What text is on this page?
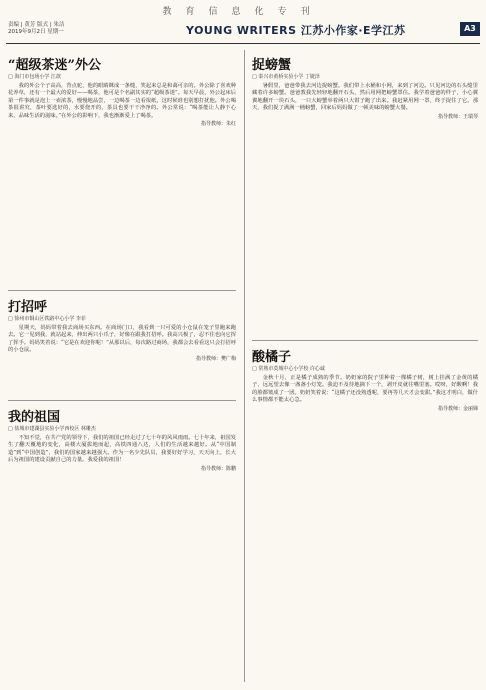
教育信息化专刊
责编 | 黄芳 版式 | 朱洁
2019年9月2日 星期一	YOUNG WRITERS 江苏小作家·E学江苏	A3
“超级茶迷”外公
□ 海门市包场小学 江歆

我的外公个子高高，背点驼，他的眼睛眯成一条缝，笑起来总是和蔼可亲的。外公除了喜欢种花养草，还有一个最大的爱好——喝茶，他可是个名副其实的“超级茶迷”。每天早晨，外公起床后第一件事就是泡上一壶浓茶，慢慢地品尝，一边喝茶一边看报纸，这时候谁也别想打扰他。外公喝茶很讲究，茶叶要选好的，水要烧开的，茶具也要干干净净的。外公常说：“喝茶能让人静下心来，品味生活的滋味。”在外公的影响下，我也渐渐爱上了喝茶。

指导教师：朱红
打招呼
□ 徐州市铜山区铁路中心小学 李菲

星期天，妈妈带着我去商场买东西。在商场门口，我看到一只可爱的小仓鼠在笼子里跑来跑去。它一见到我，就站起来，伸出两只小爪子，好像在跟我打招呼。我高兴极了，忍不住也向它挥了挥手。妈妈笑着说：“它是在欢迎你呢！”从那以后，每次路过商场，我都会去看看这只会打招呼的小仓鼠。

指导教师：樊广梅
我的祖国
□ 盐城市建湖县实验小学西校区 林雕杰

不知不觉，在共产党的领导下，我们的祖国已经走过了七十年的风风雨雨。七十年来，祖国发生了翻天覆地的变化，高楼大厦拔地而起，高铁四通八达，人们的生活越来越好。从“中国制造”到“中国创造”，我们的国家越来越强大。作为一名少先队员，我要好好学习，天天向上，长大后为祖国的建设贡献自己的力量。我爱我的祖国！

指导教师：陈鹏
捉螃蟹
□ 泰兴市黄桥实验小学 丁婕泽

暑假里，爸爸带我去河边捉螃蟹。我们带上水桶和小网，来到了河边。只见河边的石头缝里藏着许多螃蟹。爸爸教我先轻轻地翻开石头，然后用网把螃蟹罩住。我学着爸爸的样子，小心翼翼地翻开一块石头，一只大螃蟹举着两只大钳子跑了出来。我赶紧用网一罩，终于捉住了它。那天，我们捉了满满一桶螃蟹，回家后妈妈做了一顿美味的螃蟹大餐。

指导教师：王瑞琴
酸橘子
□ 常熟市莫城中心小学校 许心诚

金秋十月，正是橘子成熟的季节。奶奶家的院子里种着一棵橘子树，树上挂满了金黄的橘子，远远望去像一盏盏小灯笼。我迫不及待地摘下一个，剥开皮就往嘴里塞。哎呀，好酸啊！我的脸都皱成了一团。奶奶笑着说：“这橘子还没熟透呢，要再等几天才会变甜。”我这才明白，做什么事情都不能太心急。

指导教师：金丽娣
